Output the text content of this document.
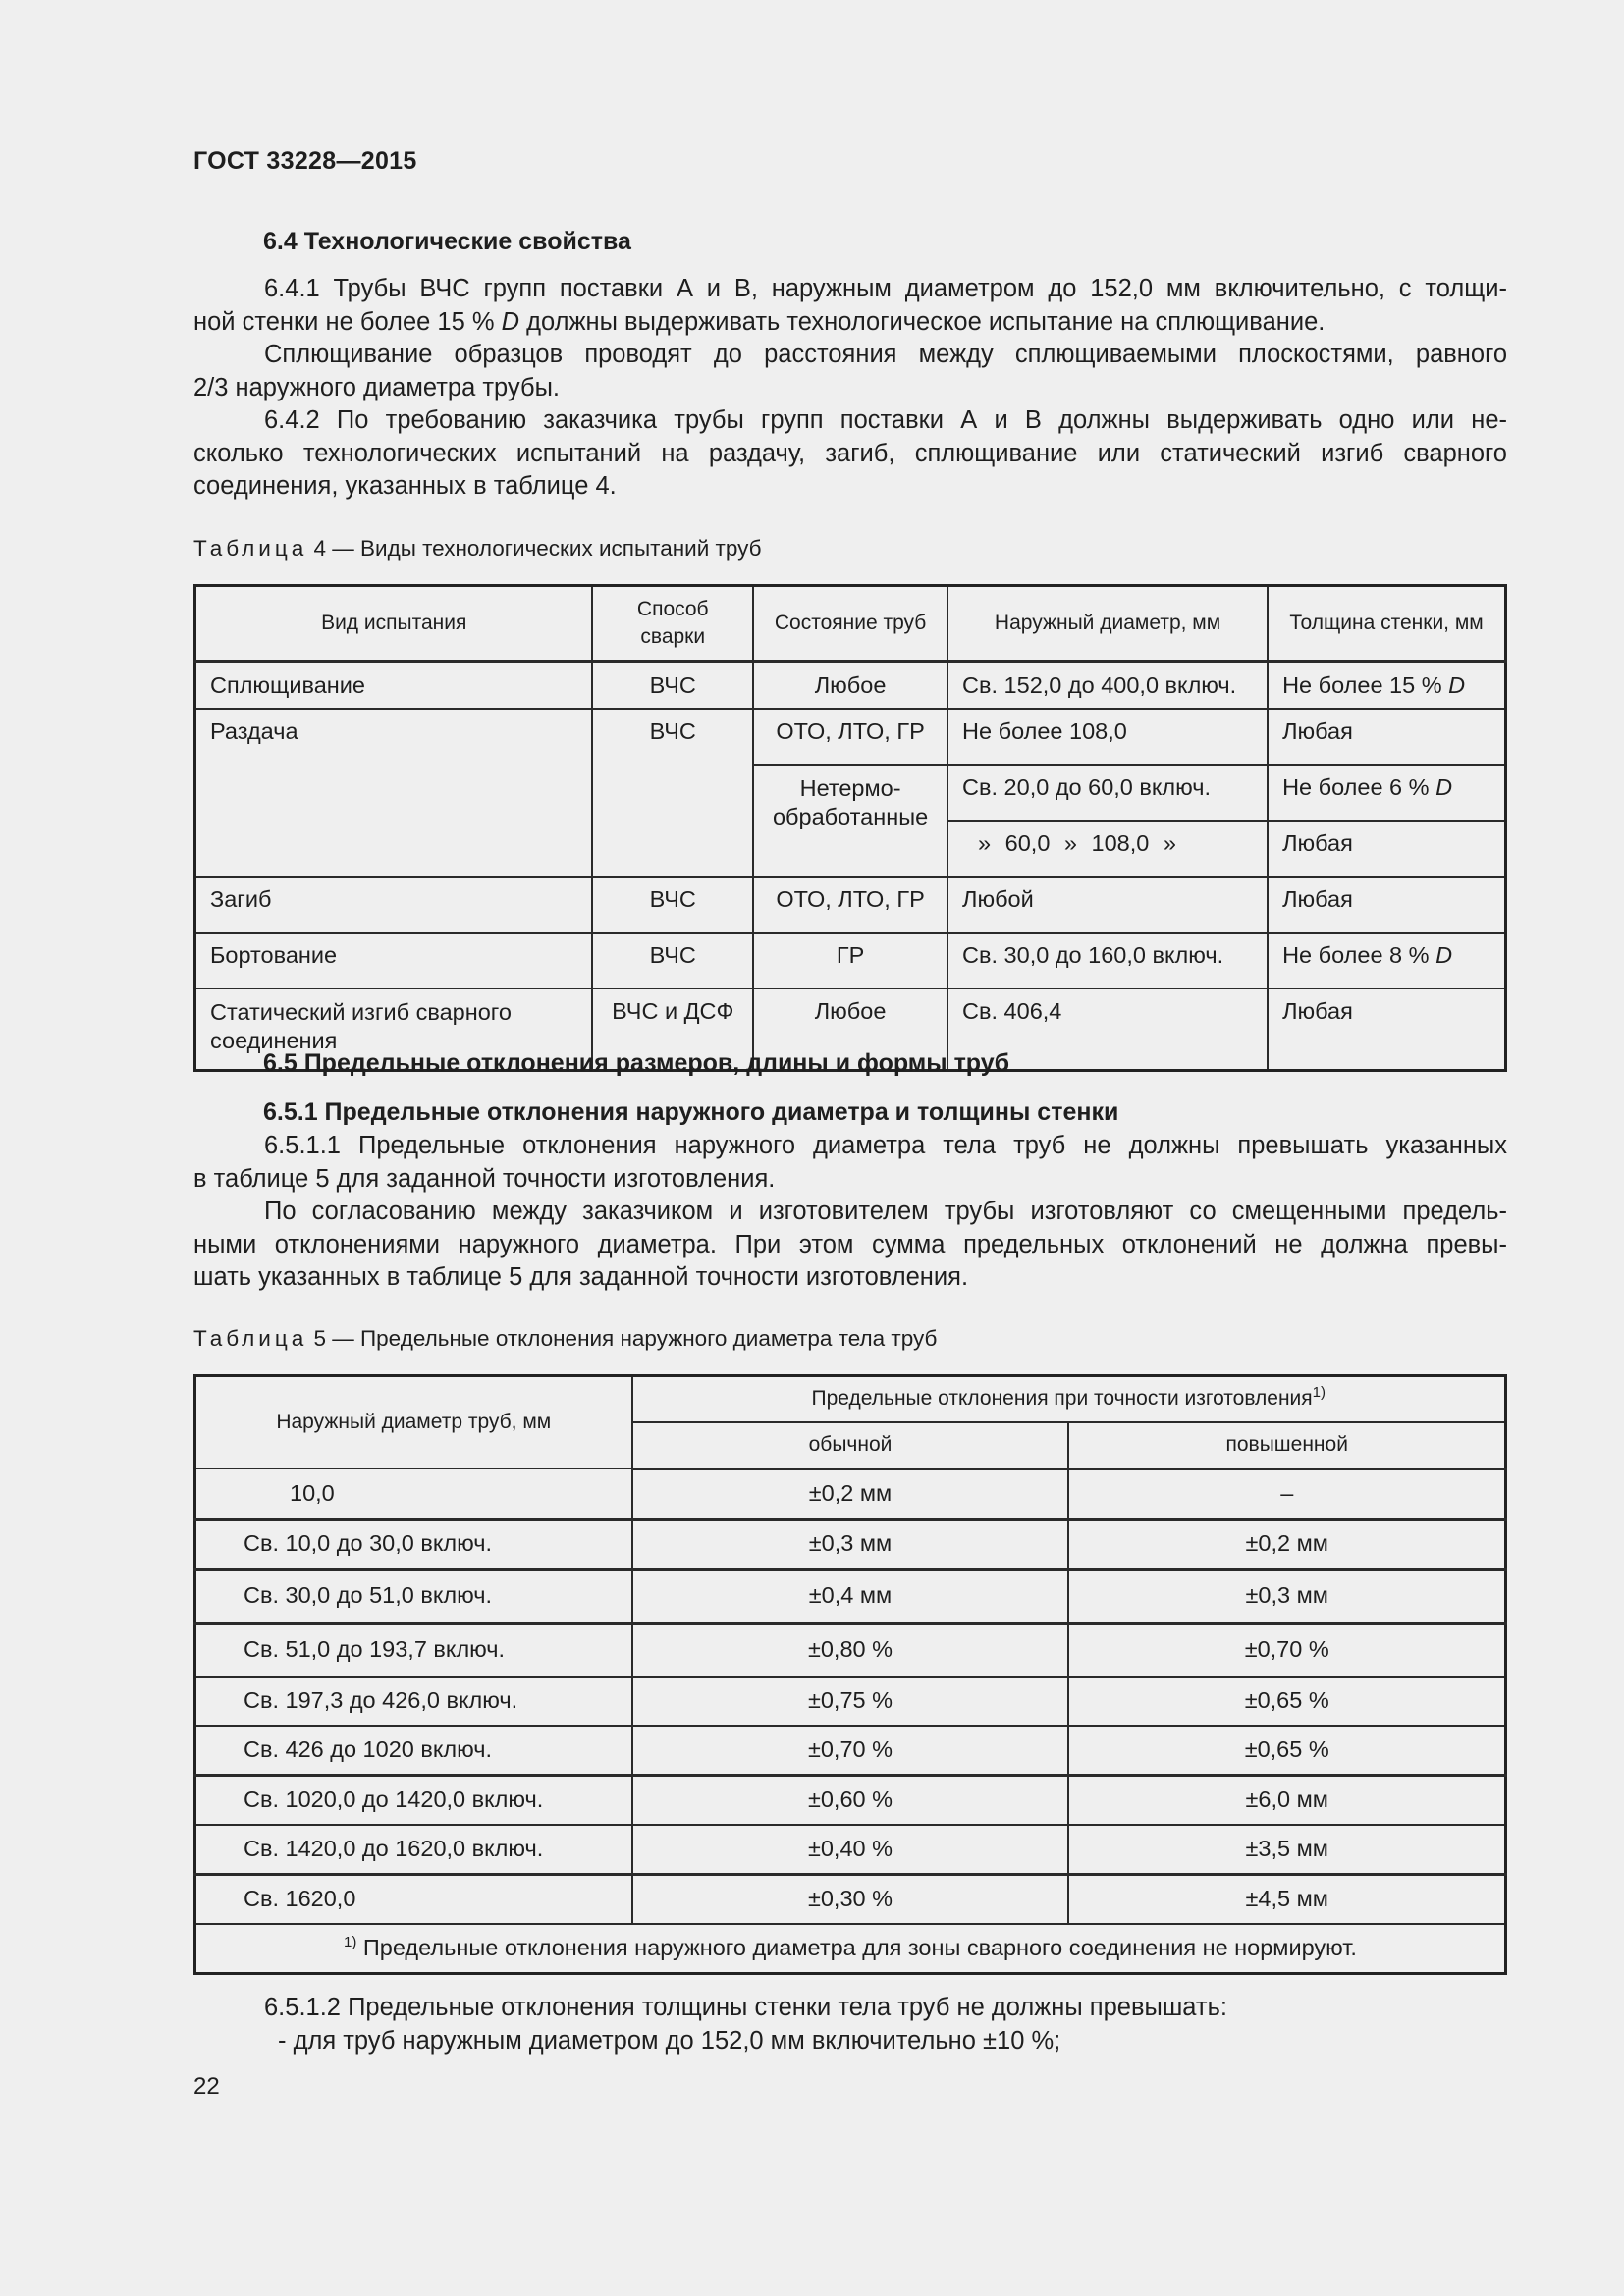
ГОСТ 33228—2015
6.4 Технологические свойства
6.4.1 Трубы ВЧС групп поставки А и В, наружным диаметром до 152,0 мм включительно, с толщи-
ной стенки не более 15 % D должны выдерживать технологическое испытание на сплющивание.
Сплющивание образцов проводят до расстояния между сплющиваемыми плоскостями, равного
2/3 наружного диаметра трубы.
6.4.2 По требованию заказчика трубы групп поставки А и В должны выдерживать одно или не-
сколько технологических испытаний на раздачу, загиб, сплющивание или статический изгиб сварного
соединения, указанных в таблице 4.
Таблица 4 — Виды технологических испытаний труб
Вид испытания	Способ сварки	Состояние труб	Наружный диаметр, мм	Толщина стенки, мм
Сплющивание	ВЧС	Любое	Св. 152,0 до 400,0 включ.	Не более 15 % D
Раздача	ВЧС	ОТО, ЛТО, ГР	Не более 108,0	Любая
		Нетермо-обработанные	Св. 20,0 до 60,0 включ.	Не более 6 % D
			» 60,0 » 108,0 »	Любая
Загиб	ВЧС	ОТО, ЛТО, ГР	Любой	Любая
Бортование	ВЧС	ГР	Св. 30,0 до 160,0 включ.	Не более 8 % D
Статический изгиб сварного соединения	ВЧС и ДСФ	Любое	Св. 406,4	Любая
6.5 Предельные отклонения размеров, длины и формы труб
6.5.1 Предельные отклонения наружного диаметра и толщины стенки
6.5.1.1 Предельные отклонения наружного диаметра тела труб не должны превышать указанных
в таблице 5 для заданной точности изготовления.
По согласованию между заказчиком и изготовителем трубы изготовляют со смещенными предель-
ными отклонениями наружного диаметра. При этом сумма предельных отклонений не должна превы-
шать указанных в таблице 5 для заданной точности изготовления.
Таблица 5 — Предельные отклонения наружного диаметра тела труб
Наружный диаметр труб, мм	Предельные отклонения при точности изготовления$^{1)}$
	обычной	повышенной
10,0	±0,2 мм	–
Св. 10,0 до 30,0 включ.	±0,3 мм	±0,2 мм
Св. 30,0 до 51,0 включ.	±0,4 мм	±0,3 мм
Св. 51,0 до 193,7 включ.	±0,80 %	±0,70 %
Св. 197,3 до 426,0 включ.	±0,75 %	±0,65 %
Св. 426 до 1020 включ.	±0,70 %	±0,65 %
Св. 1020,0 до 1420,0 включ.	±0,60 %	±6,0 мм
Св. 1420,0 до 1620,0 включ.	±0,40 %	±3,5 мм
Св. 1620,0	±0,30 %	±4,5 мм
$^{1)}$ Предельные отклонения наружного диаметра для зоны сварного соединения не нормируют.		
6.5.1.2 Предельные отклонения толщины стенки тела труб не должны превышать:
- для труб наружным диаметром до 152,0 мм включительно ±10 %;
22
